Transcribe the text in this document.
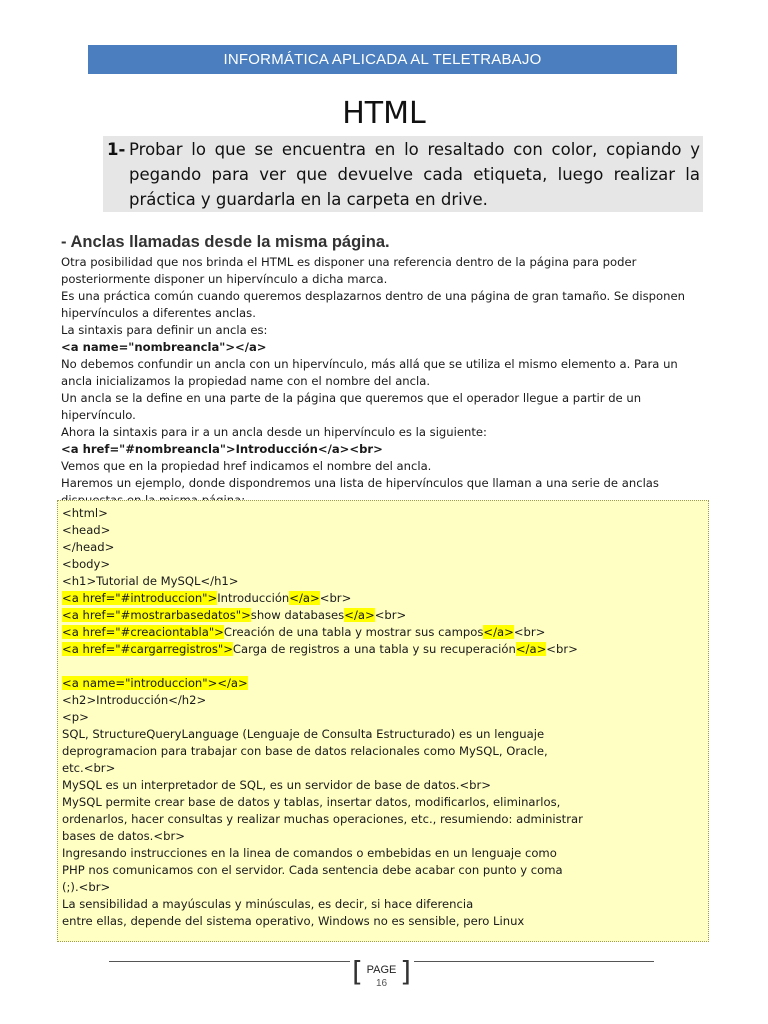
INFORMÁTICA APLICADA AL TELETRABAJO
HTML
1- Probar lo que se encuentra en lo resaltado con color, copiando y pegando para ver que devuelve cada etiqueta, luego realizar la práctica y guardarla en la carpeta en drive.
- Anclas llamadas desde la misma página.

Otra posibilidad que nos brinda el HTML es disponer una referencia dentro de la página para poder posteriormente disponer un hipervínculo a dicha marca.

Es una práctica común cuando queremos desplazarnos dentro de una página de gran tamaño. Se disponen hipervínculos a diferentes anclas.

La sintaxis para definir un ancla es:

<a name="nombreancla"></a>

No debemos confundir un ancla con un hipervínculo, más allá que se utiliza el mismo elemento a. Para un ancla inicializamos la propiedad name con el nombre del ancla.

Un ancla se la define en una parte de la página que queremos que el operador llegue a partir de un hipervínculo.

Ahora la sintaxis para ir a un ancla desde un hipervínculo es la siguiente:

<a href="#nombreancla">Introducción</a><br>

Vemos que en la propiedad href indicamos el nombre del ancla.

Haremos un ejemplo, donde dispondremos una lista de hipervínculos que llaman a una serie de anclas

<html>
<head>
</head>
<body>
<h1>Tutorial de MySQL</h1>
<a href="#introduccion">Introducción</a><br>
<a href="#mostrarbasedatos">show databases</a><br>
<a href="#creaciontabla">Creación de una tabla y mostrar sus campos</a><br>
<a href="#cargarregistros">Carga de registros a una tabla y su recuperación</a><br>
<a name="introduccion"></a>
<h2>Introducción</h2>
<p>
SQL, StructureQueryLanguage (Lenguaje de Consulta Estructurado) es un lenguaje
deprogramacion para trabajar con base de datos relacionales como MySQL, Oracle,
etc.<br>
MySQL es un interpretador de SQL, es un servidor de base de datos.<br>
MySQL permite crear base de datos y tablas, insertar datos, modificarlos, eliminarlos,
ordenarlos, hacer consultas y realizar muchas operaciones, etc., resumiendo: administrar
bases de datos.<br>
Ingresando instrucciones en la linea de comandos o embebidas en un lenguaje como
PHP nos comunicamos con el servidor. Cada sentencia debe acabar con punto y coma
(;).<br>
La sensibilidad a mayúsculas y minúsculas, es decir, si hace diferencia
entre ellas, depende del sistema operativo, Windows no es sensible, pero Linux
[ ]
PAGE
16
